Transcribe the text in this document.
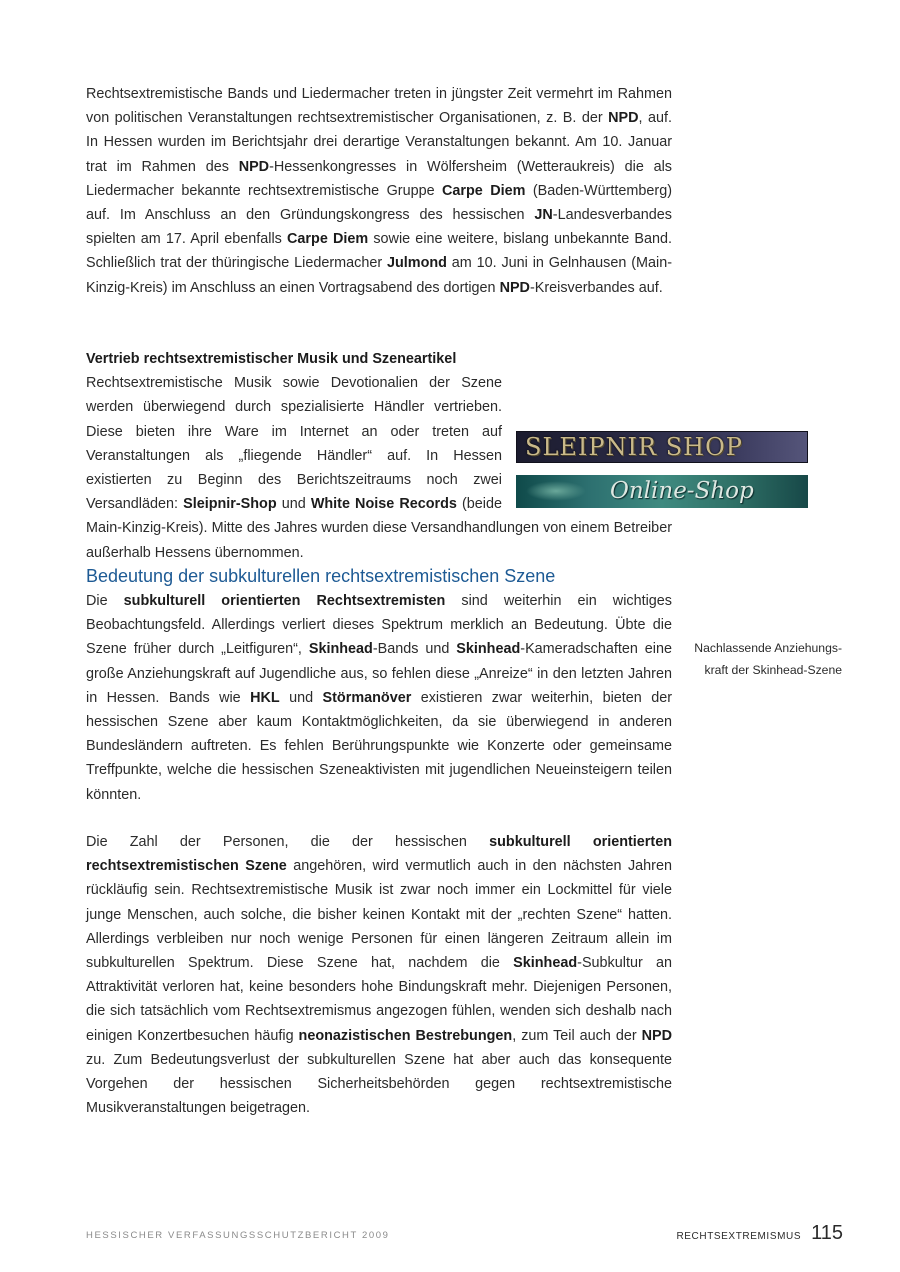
Rechtsextremistische Bands und Liedermacher treten in jüngster Zeit vermehrt im Rahmen von politischen Veranstaltungen rechtsextremistischer Organisationen, z. B. der NPD, auf. In Hessen wurden im Berichtsjahr drei derartige Veranstaltungen bekannt. Am 10. Januar trat im Rahmen des NPD-Hessenkongresses in Wölfersheim (Wetteraukreis) die als Liedermacher bekannte rechtsextremistische Gruppe Carpe Diem (Baden-Württemberg) auf. Im Anschluss an den Gründungskongress des hessischen JN-Landesverbandes spielten am 17. April ebenfalls Carpe Diem sowie eine weitere, bislang unbekannte Band. Schließlich trat der thüringische Liedermacher Julmond am 10. Juni in Gelnhausen (Main-Kinzig-Kreis) im Anschluss an einen Vortragsabend des dortigen NPD-Kreisverbandes auf.

Vertrieb rechtsextremistischer Musik und Szeneartikel

SLEIPNIR SHOP
Online-Shop
Rechtsextremistische Musik sowie Devotionalien der Szene werden überwiegend durch spezialisierte Händler vertrieben. Diese bieten ihre Ware im Internet an oder treten auf Veranstaltungen als „fliegende Händler“ auf. In Hessen existierten zu Beginn des Berichtszeitraums noch zwei Versandläden: Sleipnir-Shop und White Noise Records (beide Main-Kinzig-Kreis). Mitte des Jahres wurden diese Versandhandlungen von einem Betreiber außerhalb Hessens übernommen.

Bedeutung der subkulturellen rechtsextremistischen Szene

Die subkulturell orientierten Rechtsextremisten sind weiterhin ein wichtiges Beobachtungsfeld. Allerdings verliert dieses Spektrum merklich an Bedeutung. Übte die Szene früher durch „Leitfiguren“, Skinhead-Bands und Skinhead-Kameradschaften eine große Anziehungskraft auf Jugendliche aus, so fehlen diese „Anreize“ in den letzten Jahren in Hessen. Bands wie HKL und Störmanöver existieren zwar weiterhin, bieten der hessischen Szene aber kaum Kontaktmöglichkeiten, da sie überwiegend in anderen Bundesländern auftreten. Es fehlen Berührungspunkte wie Konzerte oder gemeinsame Treffpunkte, welche die hessischen Szeneaktivisten mit jugendlichen Neueinsteigern teilen könnten.

Nachlassende Anziehungs-
kraft der Skinhead-Szene

Die Zahl der Personen, die der hessischen subkulturell orientierten rechtsextremistischen Szene angehören, wird vermutlich auch in den nächsten Jahren rückläufig sein. Rechtsextremistische Musik ist zwar noch immer ein Lockmittel für viele junge Menschen, auch solche, die bisher keinen Kontakt mit der „rechten Szene“ hatten. Allerdings verbleiben nur noch wenige Personen für einen längeren Zeitraum allein im subkulturellen Spektrum. Diese Szene hat, nachdem die Skinhead-Subkultur an Attraktivität verloren hat, keine besonders hohe Bindungskraft mehr. Diejenigen Personen, die sich tatsächlich vom Rechtsextremismus angezogen fühlen, wenden sich deshalb nach einigen Konzertbesuchen häufig neonazistischen Bestrebungen, zum Teil auch der NPD zu. Zum Bedeutungsverlust der subkulturellen Szene hat aber auch das konsequente Vorgehen der hessischen Sicherheitsbehörden gegen rechtsextremistische Musikveranstaltungen beigetragen.

HESSISCHER VERFASSUNGSSCHUTZBERICHT 2009	RECHTSEXTREMISMUS 115
